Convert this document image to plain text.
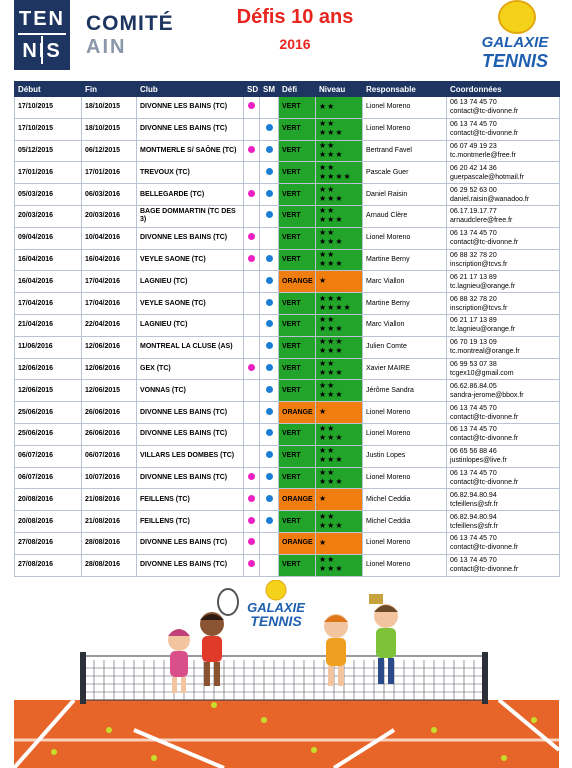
TEN
NIS
COMITÉ
AIN
Défis 10 ans
2016	GALAXIE
TENNIS
Début	Fin	Club	SD	SM	Défi	Niveau	Responsable	Coordonnées
17/10/2015	18/10/2015	DIVONNE LES BAINS (TC)			VERT	★★	Lionel Moreno	06 13 74 45 70
contact@tc-divonne.fr
17/10/2015	18/10/2015	DIVONNE LES BAINS (TC)			VERT	★★
★★★	Lionel Moreno	06 13 74 45 70
contact@tc-divonne.fr
05/12/2015	06/12/2015	MONTMERLE S/ SAÔNE (TC)			VERT	★★
★★★	Bertrand Favel	06 07 49 19 23
tc.montmerle@free.fr
17/01/2016	17/01/2016	TREVOUX (TC)			VERT	★★
★★★★	Pascale Guer	06 20 42 14 36
guerpascale@hotmail.fr
05/03/2016	06/03/2016	BELLEGARDE (TC)			VERT	★★
★★★	Daniel Raisin	06 29 52 63 00
daniel.raisin@wanadoo.fr
20/03/2016	20/03/2016	BAGE DOMMARTIN (TC DES 3)			VERT	★★
★★★	Arnaud Clère	06.17.19.17.77
arnaudclere@free.fr
09/04/2016	10/04/2016	DIVONNE LES BAINS (TC)			VERT	★★
★★★	Lionel Moreno	06 13 74 45 70
contact@tc-divonne.fr
16/04/2016	16/04/2016	VEYLE SAONE (TC)			VERT	★★
★★★	Martine Berny	06 88 32 78 20
inscription@tcvs.fr
16/04/2016	17/04/2016	LAGNIEU (TC)			ORANGE	★	Marc Viallon	06 21 17 13 89
tc.lagnieu@orange.fr
17/04/2016	17/04/2016	VEYLE SAONE (TC)			VERT	★★★
★★★★	Martine Berny	06 88 32 78 20
inscription@tcvs.fr
21/04/2016	22/04/2016	LAGNIEU (TC)			VERT	★★
★★★	Marc Viallon	06 21 17 13 89
tc.lagnieu@orange.fr
11/06/2016	12/06/2016	MONTREAL LA CLUSE (AS)			VERT	★★★
★★★	Julien Comte	06 70 19 13 09
tc.montreal@orange.fr
12/06/2016	12/06/2016	GEX (TC)			VERT	★★
★★★	Xavier MAIRE	06 99 53 07 38
tcgex10@gmail.com
12/06/2015	12/06/2015	VONNAS (TC)			VERT	★★
★★★	Jérôme Sandra	06.62.86.84.05
sandra-jerome@bbox.fr
25/06/2016	26/06/2016	DIVONNE LES BAINS (TC)			ORANGE	★	Lionel Moreno	06 13 74 45 70
contact@tc-divonne.fr
25/06/2016	26/06/2016	DIVONNE LES BAINS (TC)			VERT	★★
★★★	Lionel Moreno	06 13 74 45 70
contact@tc-divonne.fr
06/07/2016	06/07/2016	VILLARS LES DOMBES (TC)			VERT	★★
★★★	Justin Lopes	06 65 56 88 46
justinlopes@live.fr
06/07/2016	10/07/2016	DIVONNE LES BAINS (TC)			VERT	★★
★★★	Lionel Moreno	06 13 74 45 70
contact@tc-divonne.fr
20/08/2016	21/08/2016	FEILLENS (TC)			ORANGE	★	Michel Ceddia	06.82.94.80.94
tcfeillens@sfr.fr
20/08/2016	21/08/2016	FEILLENS (TC)			VERT	★★
★★★	Michel Ceddia	06.82.94.80.94
tcfeillens@sfr.fr
27/08/2016	28/08/2016	DIVONNE LES BAINS (TC)			ORANGE	★	Lionel Moreno	06 13 74 45 70
contact@tc-divonne.fr
27/08/2016	28/08/2016	DIVONNE LES BAINS (TC)			VERT	★★
★★★	Lionel Moreno	06 13 74 45 70
contact@tc-divonne.fr
GALAXIE
TENNIS
